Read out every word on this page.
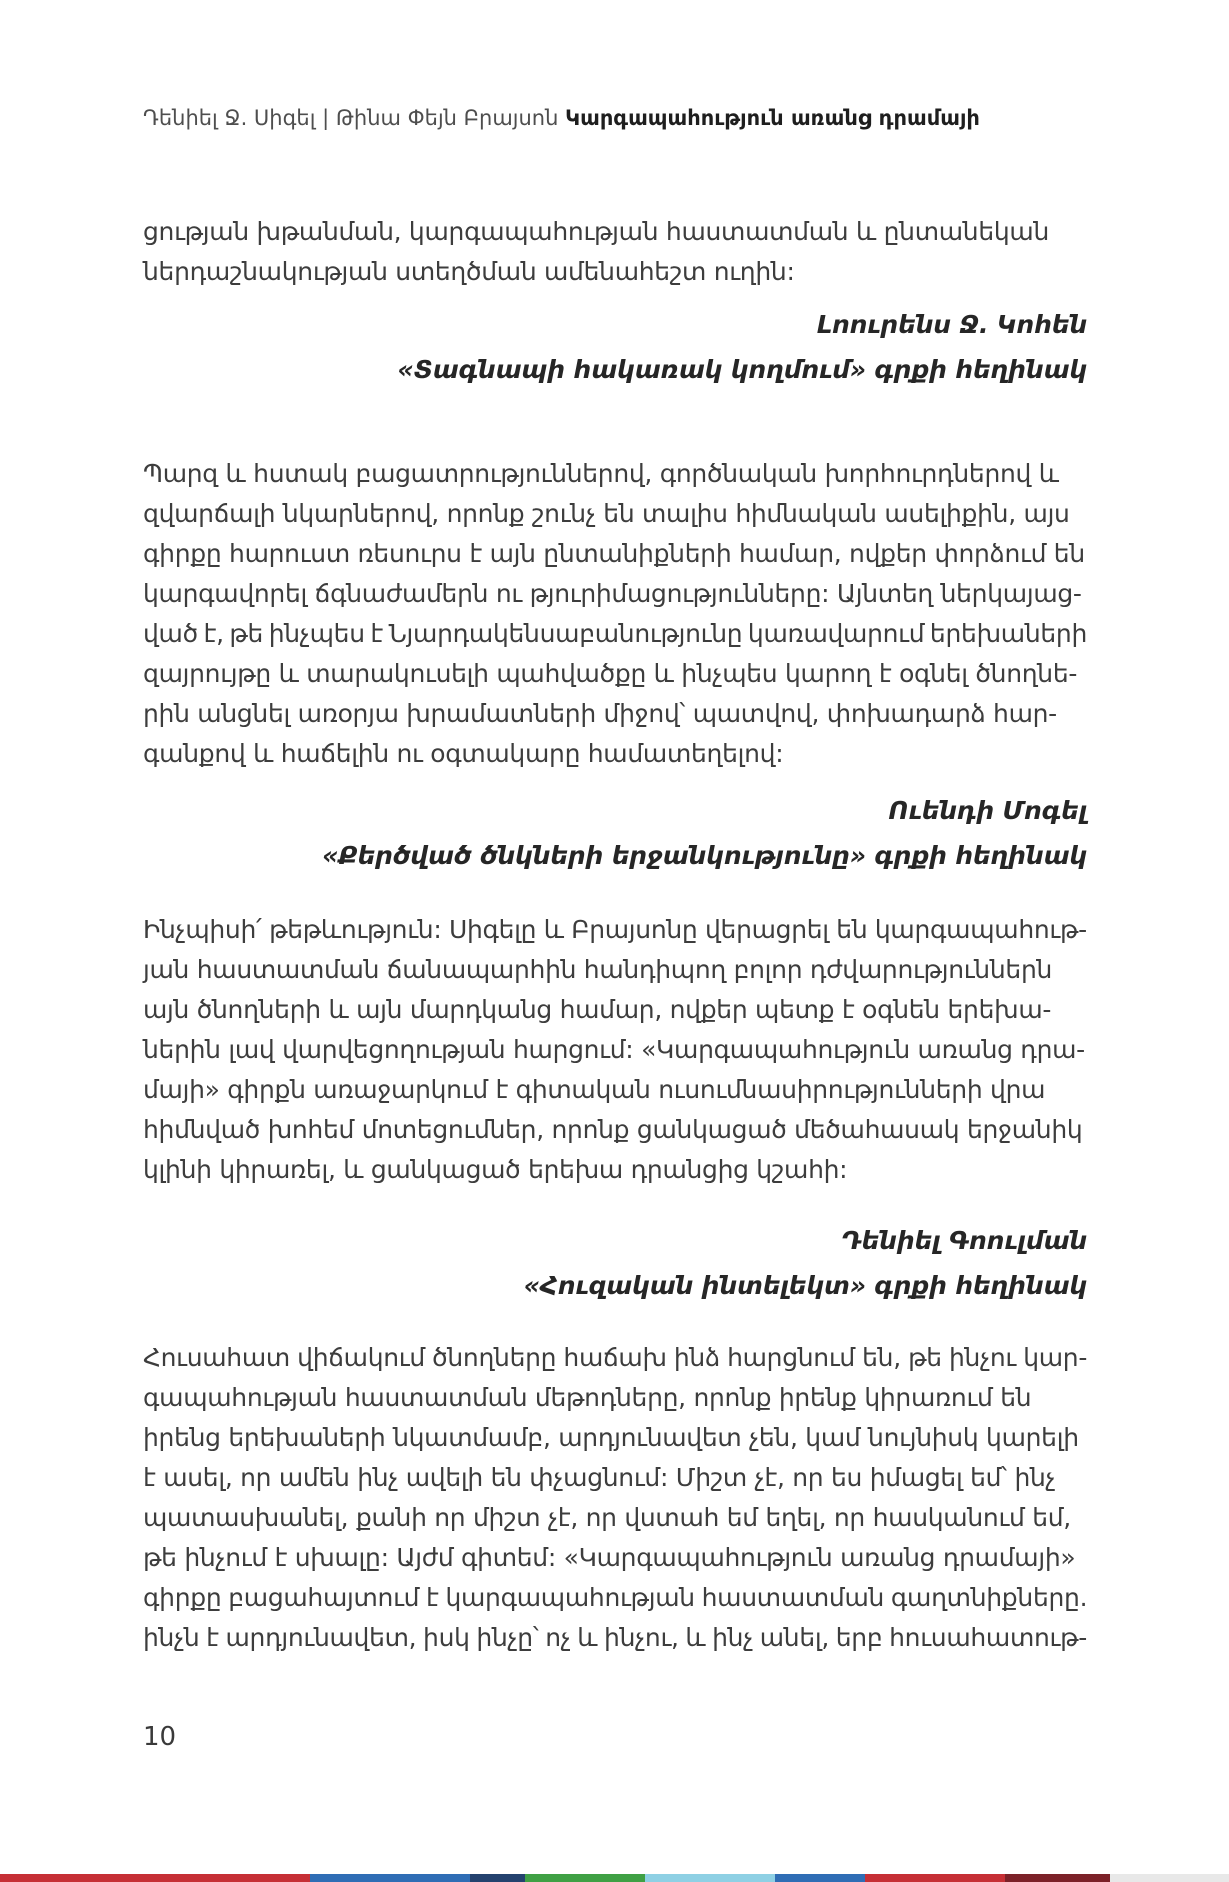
Դենիել Ջ. Սիգել | Թինա Փեյն Բրայսոն Կարգապահություն առանց դրամայի
ցության խթանման, կարգապահության հաստատման և ընտանեկան
ներդաշնակության ստեղծման ամենահեշտ ուղին:
Լոուրենս Ջ. Կոհեն
«Տագնապի հակառակ կողմում» գրքի հեղինակ
Պարզ և հստակ բացատրություններով, գործնական խորհուրդներով և
զվարճալի նկարներով, որոնք շունչ են տալիս հիմնական ասելիքին, այս
գիրքը հարուստ ռեսուրս է այն ընտանիքների համար, ովքեր փորձում են
կարգավորել ճգնաժամերն ու թյուրիմացությունները: Այնտեղ ներկայաց-
ված է, թե ինչպես է Նյարդակենսաբանությունը կառավարում երեխաների
զայրույթը և տարակուսելի պահվածքը և ինչպես կարող է օգնել ծնողնե-
րին անցնել առօրյա խրամատների միջով՝ պատվով, փոխադարձ հար-
գանքով և հաճելին ու օգտակարը համատեղելով:
Ուենդի Մոգել
«Քերծված ծնկների երջանկությունը» գրքի հեղինակ
Ինչպիսի՛ թեթևություն: Սիգելը և Բրայսոնը վերացրել են կարգապահութ-
յան հաստատման ճանապարհին հանդիպող բոլոր դժվարություններն
այն ծնողների և այն մարդկանց համար, ովքեր պետք է օգնեն երեխա-
ներին լավ վարվեցողության հարցում: «Կարգապահություն առանց դրա-
մայի» գիրքն առաջարկում է գիտական ուսումնասիրությունների վրա
հիմնված խոհեմ մոտեցումներ, որոնք ցանկացած մեծահասակ երջանիկ
կլինի կիրառել, և ցանկացած երեխա դրանցից կշահի:
Դենիել Գոուլման
«Հուզական ինտելեկտ» գրքի հեղինակ
Հուսահատ վիճակում ծնողները հաճախ ինձ հարցնում են, թե ինչու կար-
գապահության հաստատման մեթոդները, որոնք իրենք կիրառում են
իրենց երեխաների նկատմամբ, արդյունավետ չեն, կամ նույնիսկ կարելի
է ասել, որ ամեն ինչ ավելի են փչացնում: Միշտ չէ, որ ես իմացել եմ՝ ինչ
պատասխանել, քանի որ միշտ չէ, որ վստահ եմ եղել, որ հասկանում եմ,
թե ինչում է սխալը: Այժմ գիտեմ: «Կարգապահություն առանց դրամայի»
գիրքը բացահայտում է կարգապահության հաստատման գաղտնիքները.
ինչն է արդյունավետ, իսկ ինչը՝ ոչ և ինչու, և ինչ անել, երբ հուսահատութ-
10
